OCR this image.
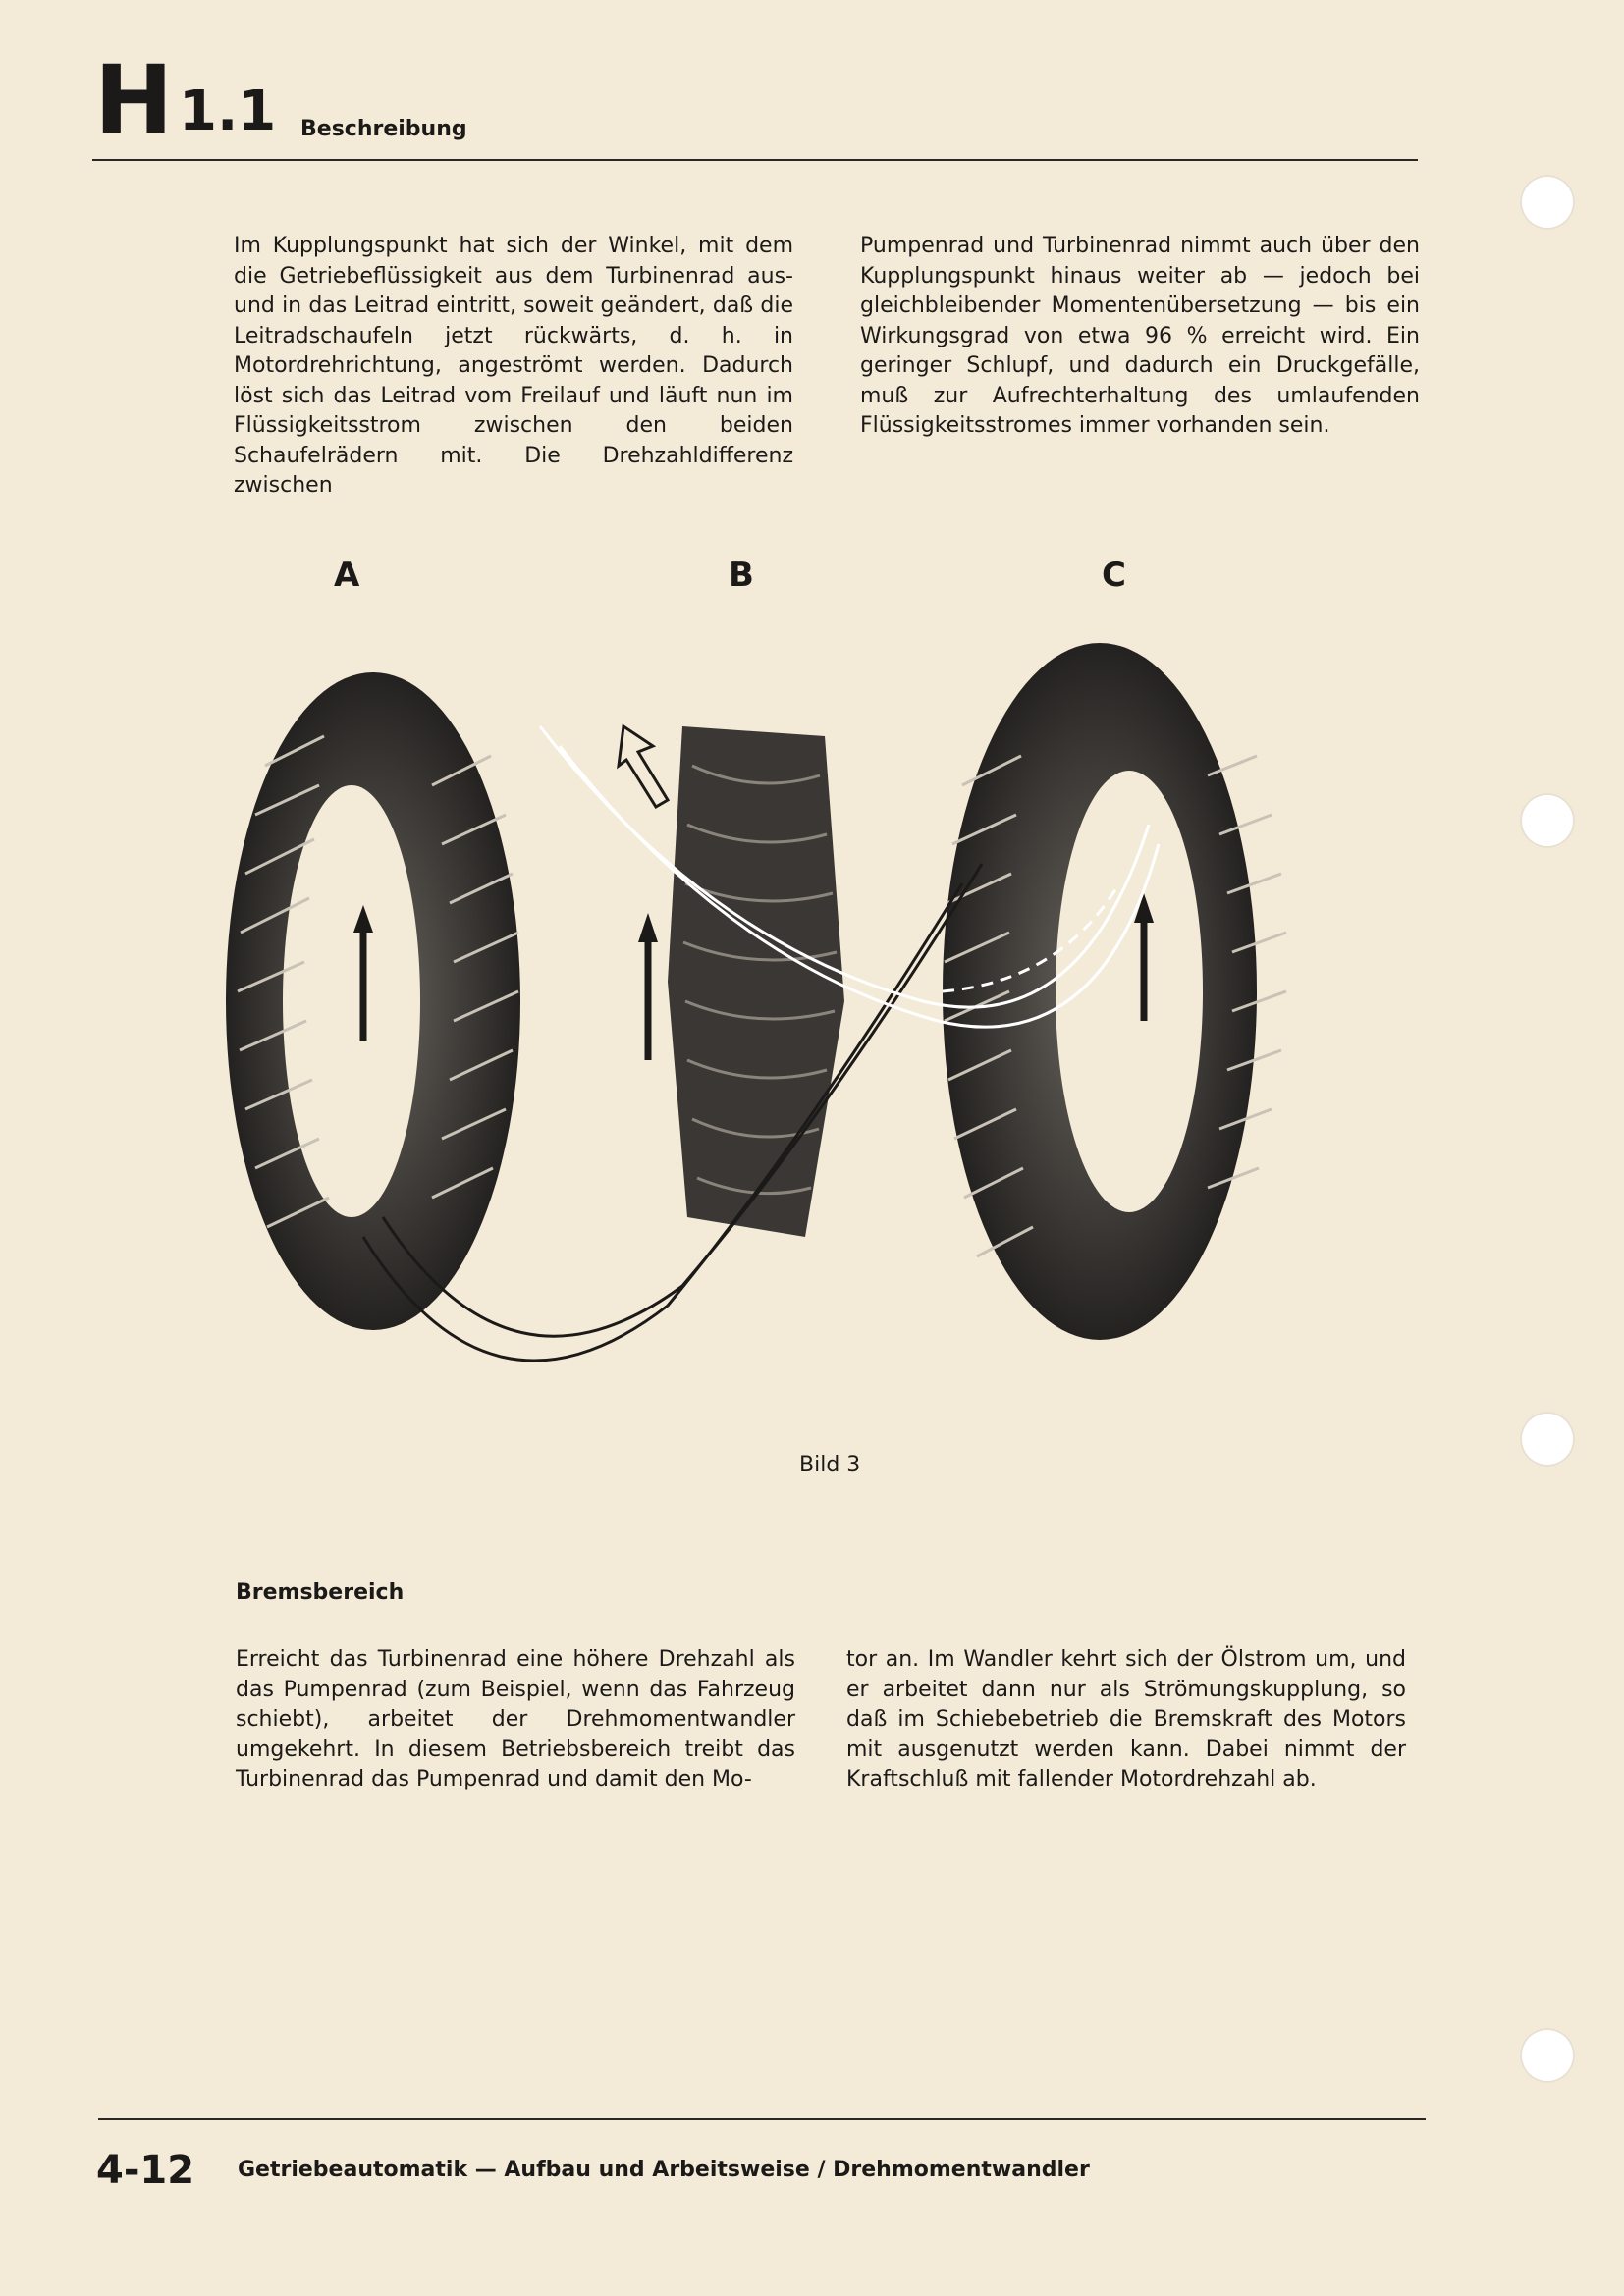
H 1.1 Beschreibung

Im Kupplungspunkt hat sich der Winkel, mit dem die Getriebeflüssigkeit aus dem Turbinenrad aus- und in das Leitrad eintritt, soweit geändert, daß die Leitradschaufeln jetzt rückwärts, d. h. in Motordrehrichtung, angeströmt werden. Dadurch löst sich das Leitrad vom Freilauf und läuft nun im Flüssigkeitsstrom zwischen den beiden Schaufelrädern mit. Die Drehzahldifferenz zwischen

Pumpenrad und Turbinenrad nimmt auch über den Kupplungspunkt hinaus weiter ab — jedoch bei gleichbleibender Momentenübersetzung — bis ein Wirkungsgrad von etwa 96 % erreicht wird. Ein geringer Schlupf, und dadurch ein Druckgefälle, muß zur Aufrechterhaltung des umlaufenden Flüssigkeitsstromes immer vorhanden sein.

A	B	C
Bild 3
Bremsbereich

Erreicht das Turbinenrad eine höhere Drehzahl als das Pumpenrad (zum Beispiel, wenn das Fahrzeug schiebt), arbeitet der Drehmomentwandler umgekehrt. In diesem Betriebsbereich treibt das Turbinenrad das Pumpenrad und damit den Mo-

tor an. Im Wandler kehrt sich der Ölstrom um, und er arbeitet dann nur als Strömungskupplung, so daß im Schiebebetrieb die Bremskraft des Motors mit ausgenutzt werden kann. Dabei nimmt der Kraftschluß mit fallender Motordrehzahl ab.

4-12 Getriebeautomatik — Aufbau und Arbeitsweise / Drehmomentwandler
